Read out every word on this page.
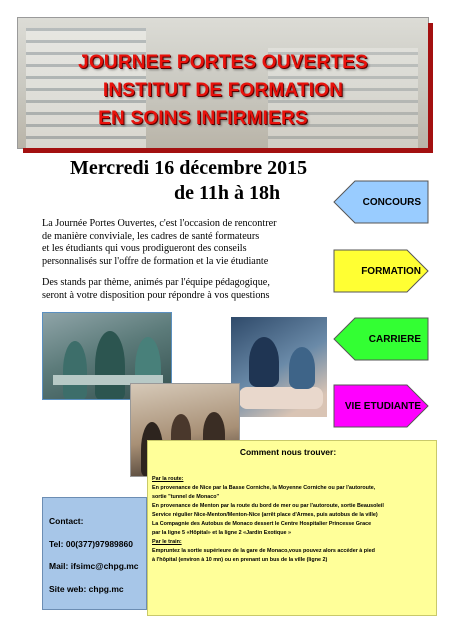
JOURNEE PORTES OUVERTES
INSTITUT DE FORMATION
EN SOINS INFIRMIERS
Mercredi 16 décembre 2015
de 11h à 18h
La Journée Portes Ouvertes, c'est l'occasion de rencontrer
de manière conviviale, les cadres de santé formateurs
et les étudiants qui vous prodigueront des conseils
personnalisés sur l'offre de formation et la vie étudiante
Des stands par thème, animés par l'équipe pédagogique,
seront à votre disposition pour répondre à vos questions
CONCOURS
FORMATION
CARRIERE
VIE ETUDIANTE
Comment nous trouver:
Par la route:
En provenance de Nice par la Basse Corniche, la Moyenne Corniche ou par l'autoroute,
sortie "tunnel de Monaco"
En provenance de Menton par la route du bord de mer ou par l'autoroute, sortie Beausoleil
Service régulier Nice-Menton/Menton-Nice (arrêt place d'Armes, puis autobus de la ville)
La Compagnie des Autobus de Monaco dessert le Centre Hospitalier Princesse Grace
par la ligne 5 «Hôpital» et la ligne 2 «Jardin Exotique »
Par le train:
Empruntez la sortie supérieure de la gare de Monaco,vous pouvez alors accéder à pied
à l'hôpital (environ à 10 mn) ou en prenant un bus de la ville (ligne 2)
Contact:
Tel: 00(377)97989860
Mail: ifsimc@chpg.mc
Site web: chpg.mc
